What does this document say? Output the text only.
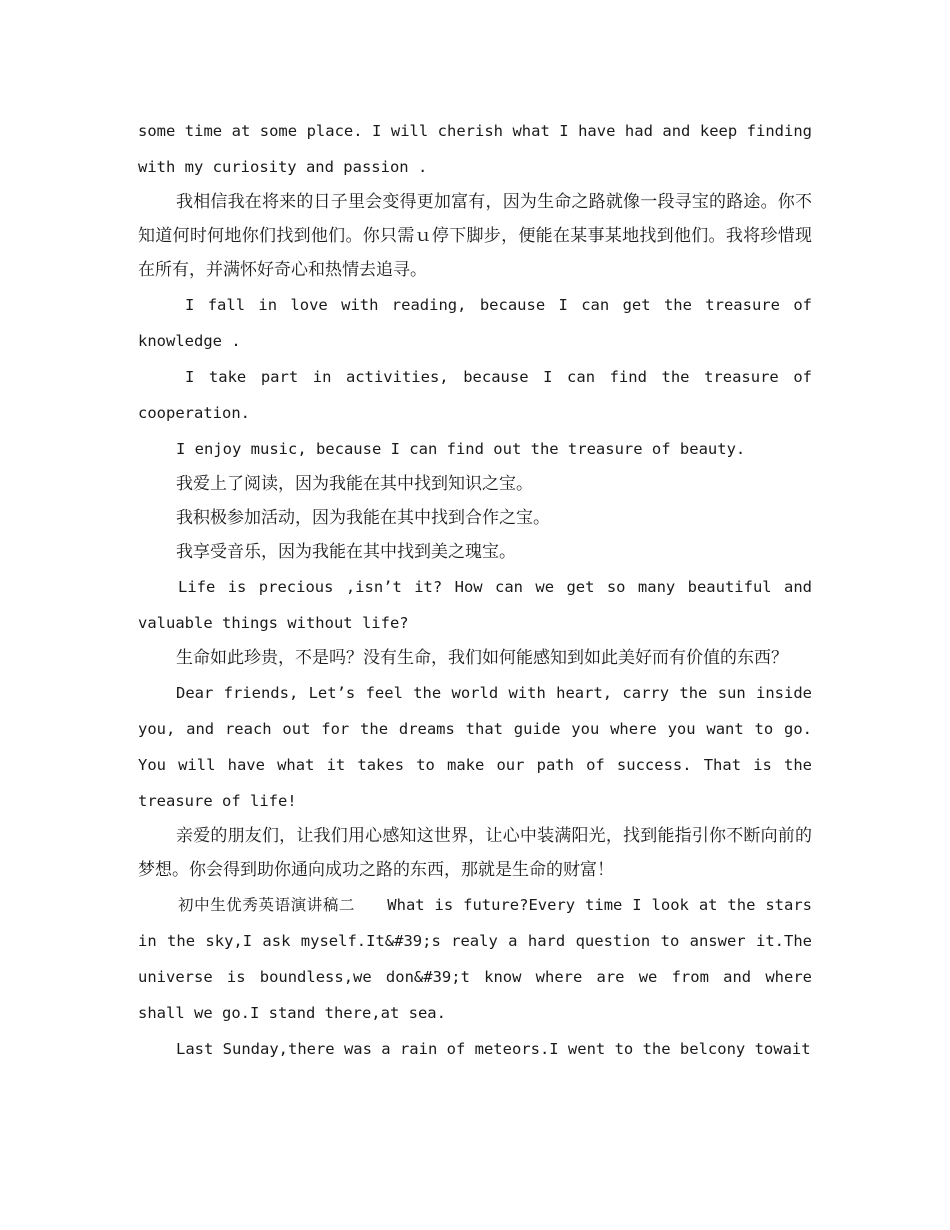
some time at some place. I will cherish what I have had and keep finding with my curiosity and passion .

我相信我在将来的日子里会变得更加富有，因为生命之路就像一段寻宝的路途。你不知道何时何地你们找到他们。你只需ｕ停下脚步，便能在某事某地找到他们。我将珍惜现在所有，并满怀好奇心和热情去追寻。

I fall in love with reading, because I can get the treasure of knowledge .

I take part in activities, because I can find the treasure of cooperation.

I enjoy music, because I can find out the treasure of beauty.

我爱上了阅读，因为我能在其中找到知识之宝。

我积极参加活动，因为我能在其中找到合作之宝。

我享受音乐，因为我能在其中找到美之瑰宝。

Life is precious ,isn’t it? How can we get so many beautiful and valuable things without life?

生命如此珍贵，不是吗？没有生命，我们如何能感知到如此美好而有价值的东西？

Dear friends, Let’s feel the world with heart, carry the sun inside you, and reach out for the dreams that guide you where you want to go. You will have what it takes to make our path of success. That is the treasure of life!

亲爱的朋友们，让我们用心感知这世界，让心中装满阳光，找到能指引你不断向前的梦想。你会得到助你通向成功之路的东西，那就是生命的财富！

初中生优秀英语演讲稿二　　What is future?Every time I look at the stars in the sky,I ask myself.It&#39;s realy a hard question to answer it.The universe is boundless,we don&#39;t know where are we from and where shall we go.I stand there,at sea.

Last Sunday,there was a rain of meteors.I went to the belcony towait
